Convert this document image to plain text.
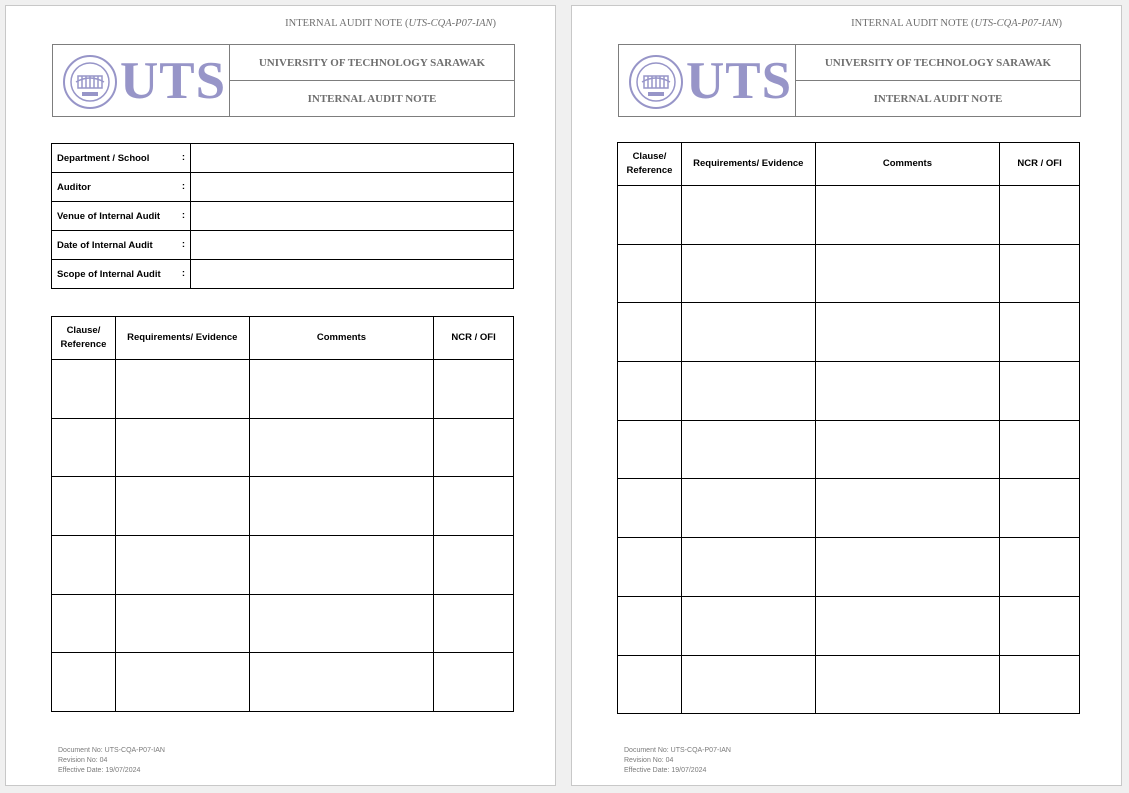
INTERNAL AUDIT NOTE (UTS-CQA-P07-IAN)
UTS	UNIVERSITY OF TECHNOLOGY SARAWAK
INTERNAL AUDIT NOTE
Department / School :	

Auditor :	

Venue of Internal Audit :	

Date of Internal Audit :	

Scope of Internal Audit :	

Clause/ Reference	Requirements/ Evidence	Comments	NCR / OFI

Document No: UTS-CQA-P07-IAN
Revision No: 04
Effective Date: 19/07/2024
INTERNAL AUDIT NOTE (UTS-CQA-P07-IAN)
UTS	UNIVERSITY OF TECHNOLOGY SARAWAK
INTERNAL AUDIT NOTE
Clause/ Reference	Requirements/ Evidence	Comments	NCR / OFI

Document No: UTS-CQA-P07-IAN
Revision No: 04
Effective Date: 19/07/2024
